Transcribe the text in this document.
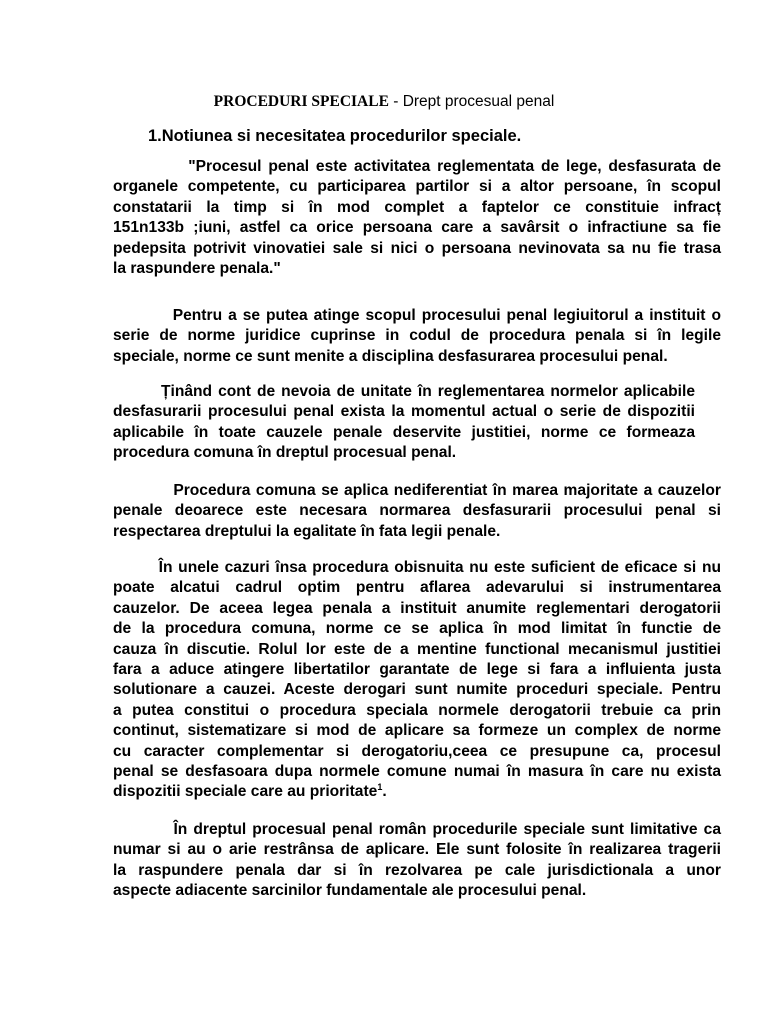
PROCEDURI SPECIALE - Drept procesual penal
1.Notiunea si necesitatea procedurilor speciale.
"Procesul penal este activitatea reglementata de lege, desfasurata de
organele competente, cu participarea partilor si a altor persoane, în scopul
constatarii la timp si în mod complet a faptelor ce constituie infracț
151n133b ;iuni, astfel ca orice persoana care a savârsit o infractiune sa fie
pedepsita potrivit vinovatiei sale si nici o persoana nevinovata sa nu fie trasa
la raspundere penala."
Pentru a se putea atinge scopul procesului penal legiuitorul a instituit o
serie de norme juridice cuprinse in codul de procedura penala si în legile
speciale, norme ce sunt menite a disciplina desfasurarea procesului penal.
Ținând cont de nevoia de unitate în reglementarea normelor aplicabile
desfasurarii procesului penal exista la momentul actual o serie de dispozitii
aplicabile în toate cauzele penale deservite justitiei, norme ce formeaza
procedura comuna în dreptul procesual penal.
Procedura comuna se aplica nediferentiat în marea majoritate a cauzelor
penale deoarece este necesara normarea desfasurarii procesului penal si
respectarea dreptului la egalitate în fata legii penale.
În unele cazuri însa procedura obisnuita nu este suficient de eficace si nu
poate alcatui cadrul optim pentru aflarea adevarului si instrumentarea
cauzelor. De aceea legea penala a instituit anumite reglementari derogatorii
de la procedura comuna, norme ce se aplica în mod limitat în functie de
cauza în discutie. Rolul lor este de a mentine functional mecanismul justitiei
fara a aduce atingere libertatilor garantate de lege si fara a influienta justa
solutionare a cauzei. Aceste derogari sunt numite proceduri speciale. Pentru
a putea constitui o procedura speciala normele derogatorii trebuie ca prin
continut, sistematizare si mod de aplicare sa formeze un complex de norme
cu caracter complementar si derogatoriu,ceea ce presupune ca, procesul
penal se desfasoara dupa normele comune numai în masura în care nu exista
dispozitii speciale care au prioritate$^1$.
În dreptul procesual penal român procedurile speciale sunt limitative ca
numar si au o arie restrânsa de aplicare. Ele sunt folosite în realizarea tragerii
la raspundere penala dar si în rezolvarea pe cale jurisdictionala a unor
aspecte adiacente sarcinilor fundamentale ale procesului penal.
